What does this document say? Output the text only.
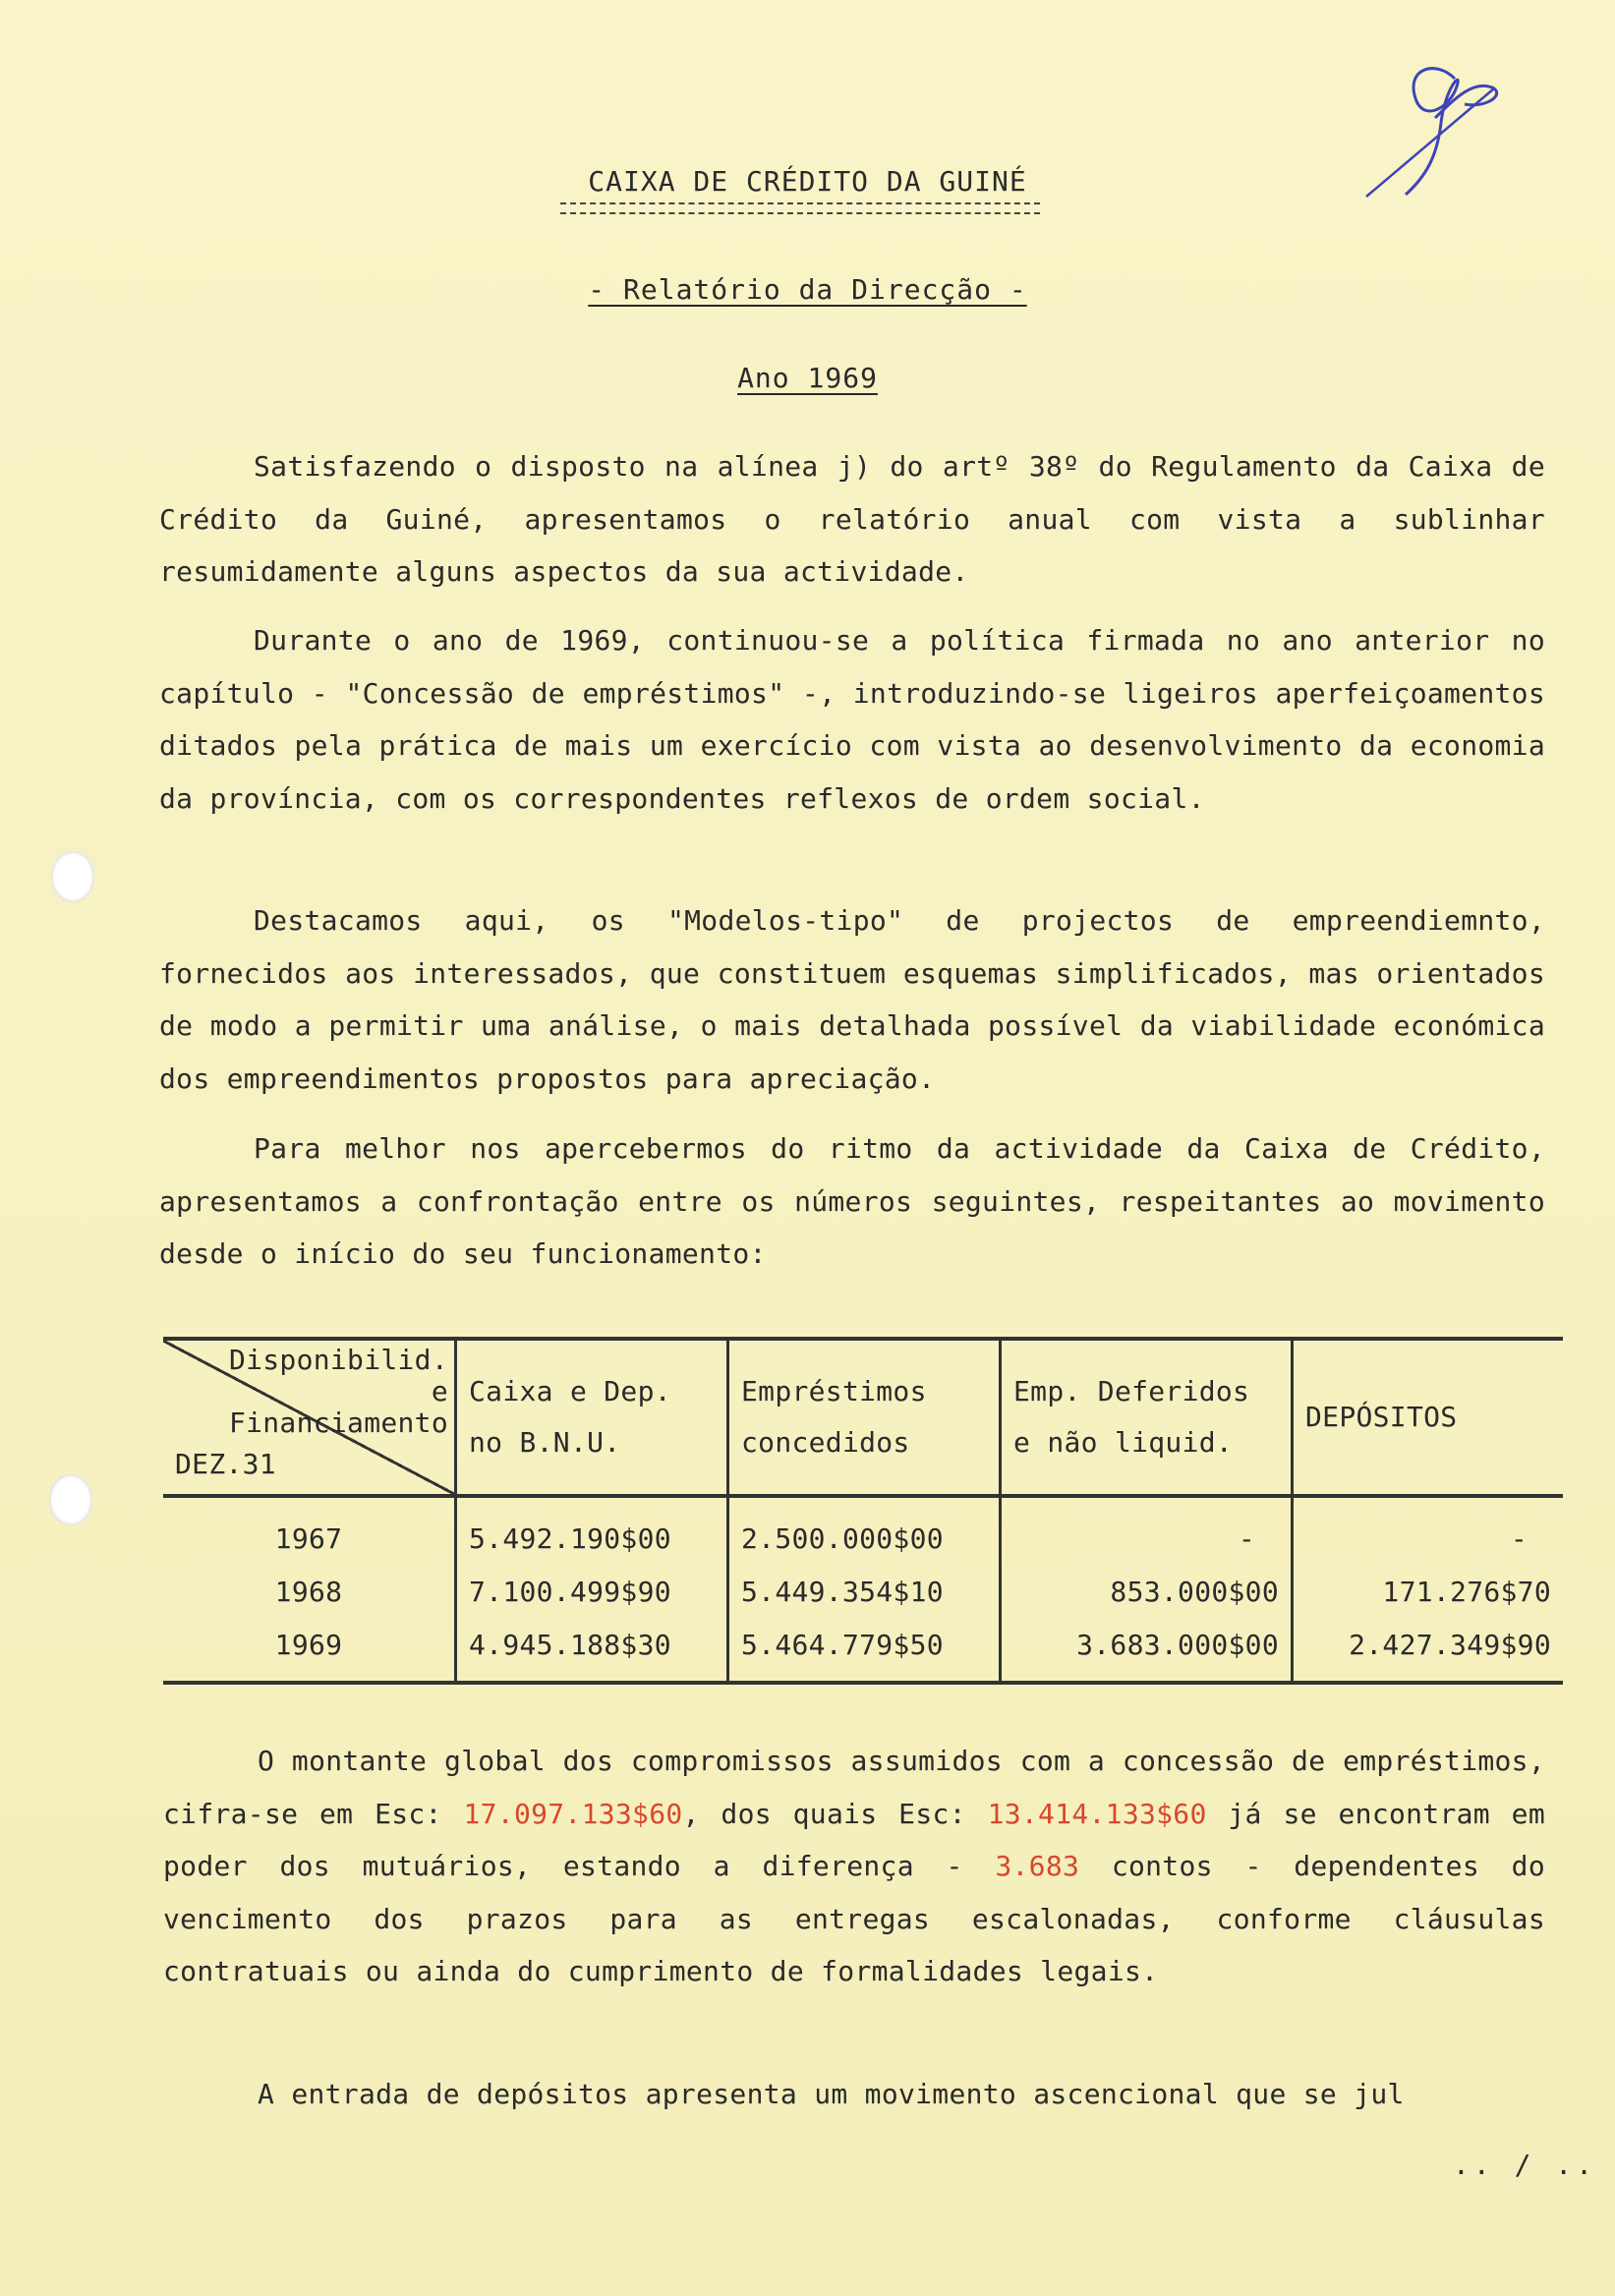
CAIXA DE CRÉDITO DA GUINÉ
- Relatório da Direcção -
Ano 1969

Satisfazendo o disposto na alínea j) do artº 38º do Regulamento da Caixa de Crédito da Guiné, apresentamos o relatório anual com vista a sublinhar resumidamente alguns aspectos da sua actividade.

Durante o ano de 1969, continuou-se a política firmada no ano anterior no capítulo - "Concessão de empréstimos" -, introduzindo-se ligeiros aperfeiçoamentos ditados pela prática de mais um exercício com vista ao desenvolvimento da economia da província, com os correspondentes reflexos de ordem social.

Destacamos aqui, os "Modelos-tipo" de projectos de empreendiemnto, fornecidos aos interessados, que constituem esquemas simplificados, mas orientados de modo a permitir uma análise, o mais detalhada possível da viabilidade económica dos empreendimentos propostos para apreciação.

Para melhor nos apercebermos do ritmo da actividade da Caixa de Crédito, apresentamos a confrontação entre os números seguintes, respeitantes ao movimento desde o início do seu funcionamento:

Disponibilid. e Financiamento
DEZ.31	Caixa e Dep. no B.N.U.	Empréstimos concedidos	Emp. Deferidos e não liquid.	DEPÓSITOS
1967	5.492.190$00	2.500.000$00	-	-
1968	7.100.499$90	5.449.354$10	853.000$00	171.276$70
1969	4.945.188$30	5.464.779$50	3.683.000$00	2.427.349$90

O montante global dos compromissos assumidos com a concessão de empréstimos, cifra-se em Esc: 17.097.133$60, dos quais Esc: 13.414.133$60 já se encontram em poder dos mutuários, estando a diferença - 3.683 contos - dependentes do vencimento dos prazos para as entregas escalonadas, conforme cláusulas contratuais ou ainda do cumprimento de formalidades legais.

A entrada de depósitos apresenta um movimento ascencional que se jul

.. / ..
